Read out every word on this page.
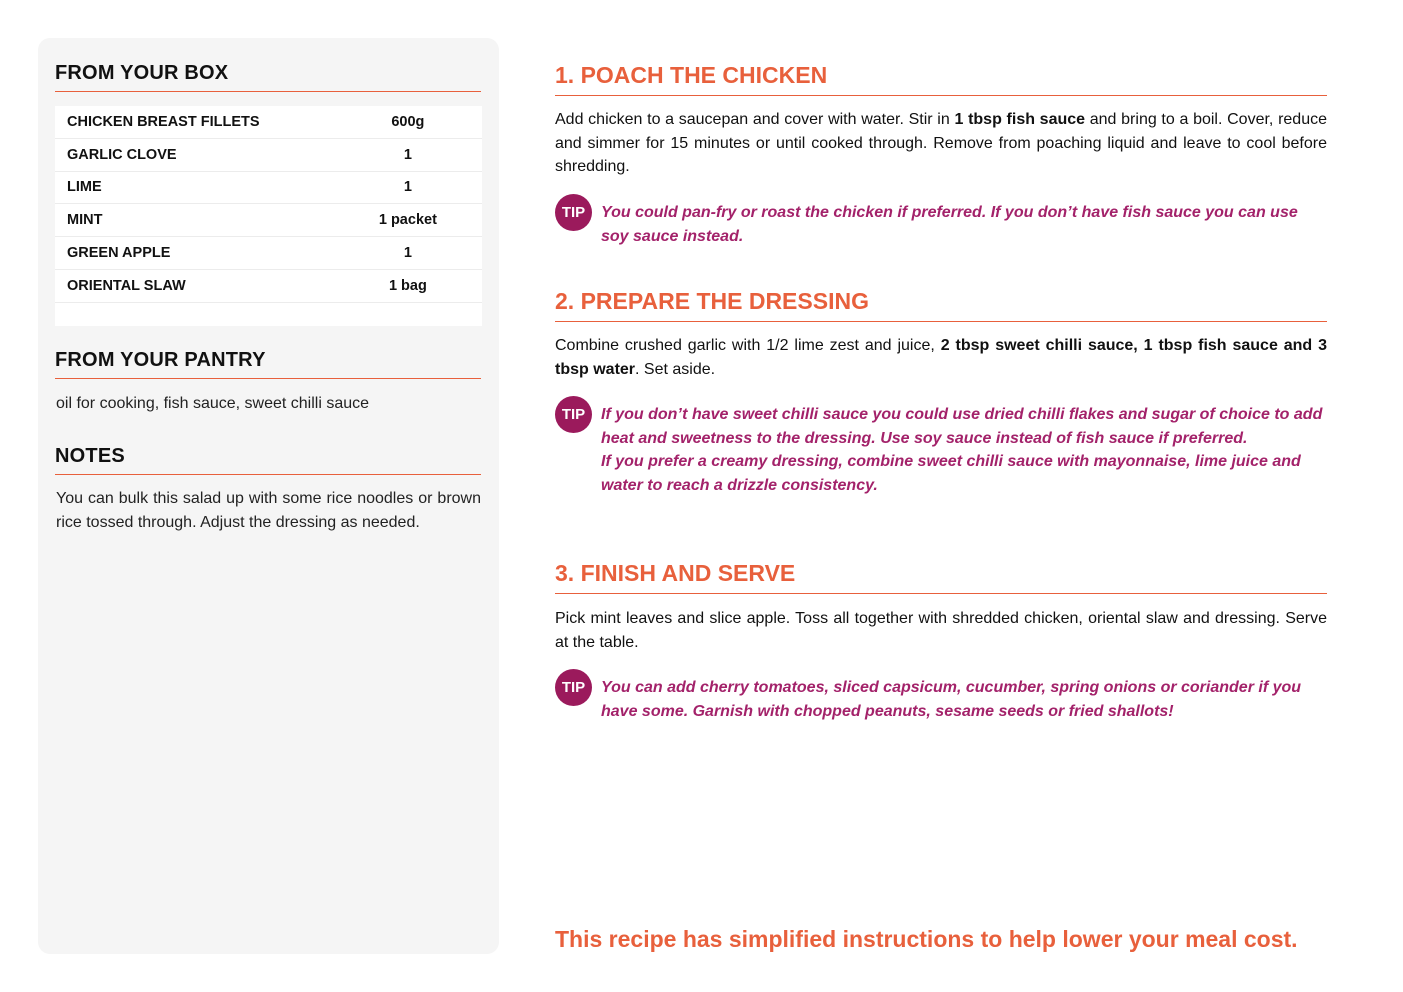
FROM YOUR BOX
CHICKEN BREAST FILLETS	600g
GARLIC CLOVE	1
LIME	1
MINT	1 packet
GREEN APPLE	1
ORIENTAL SLAW	1 bag
FROM YOUR PANTRY
oil for cooking, fish sauce, sweet chilli sauce
NOTES
You can bulk this salad up with some rice noodles or brown rice tossed through. Adjust the dressing as needed.
1. POACH THE CHICKEN

Add chicken to a saucepan and cover with water. Stir in 1 tbsp fish sauce and bring to a boil. Cover, reduce and simmer for 15 minutes or until cooked through. Remove from poaching liquid and leave to cool before shredding.

TIP You could pan-fry or roast the chicken if preferred. If you don’t have fish sauce you can use soy sauce instead.

2. PREPARE THE DRESSING

Combine crushed garlic with 1/2 lime zest and juice, 2 tbsp sweet chilli sauce, 1 tbsp fish sauce and 3 tbsp water. Set aside.

TIP If you don’t have sweet chilli sauce you could use dried chilli flakes and sugar of choice to add heat and sweetness to the dressing. Use soy sauce instead of fish sauce if preferred.

If you prefer a creamy dressing, combine sweet chilli sauce with mayonnaise, lime juice and water to reach a drizzle consistency.

3. FINISH AND SERVE

Pick mint leaves and slice apple. Toss all together with shredded chicken, oriental slaw and dressing. Serve at the table.

TIP You can add cherry tomatoes, sliced capsicum, cucumber, spring onions or coriander if you have some. Garnish with chopped peanuts, sesame seeds or fried shallots!

This recipe has simplified instructions to help lower your meal cost.
